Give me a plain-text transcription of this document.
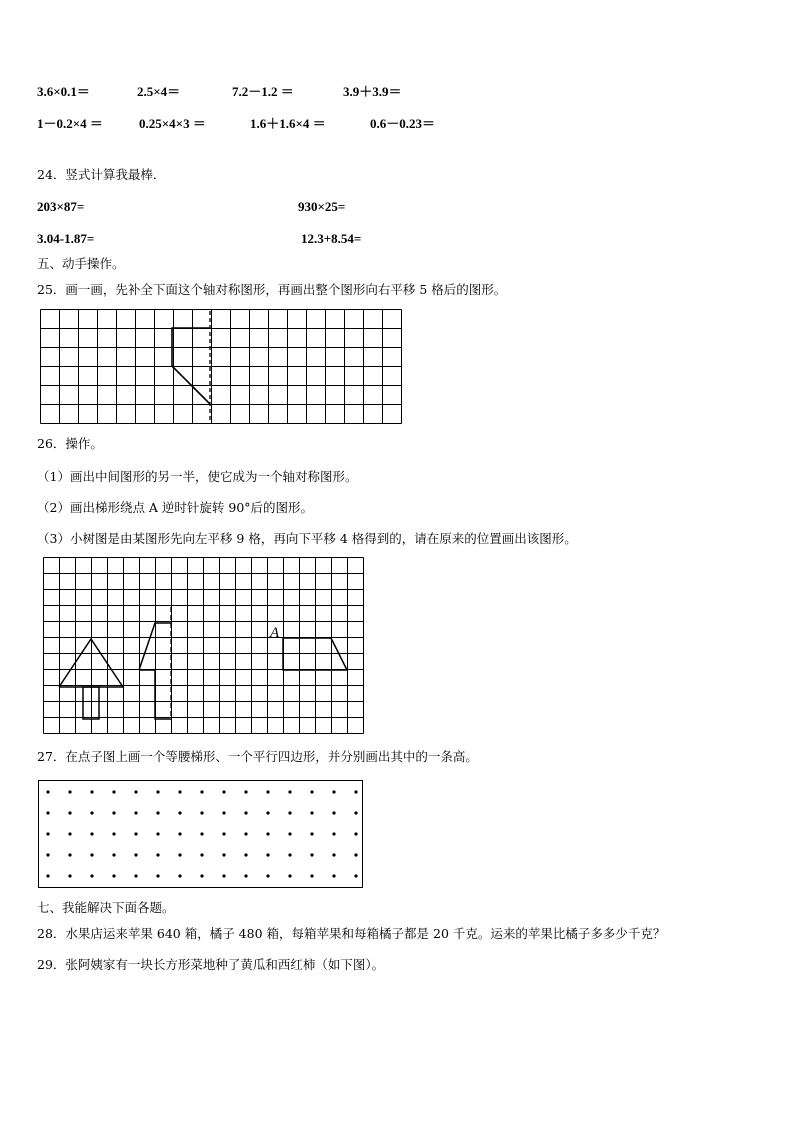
3.6×0.1＝	2.5×4＝	7.2－1.2 ＝	3.9＋3.9＝
1－0.2×4 ＝	0.25×4×3 ＝	1.6＋1.6×4 ＝	0.6－0.23＝
24．竖式计算我最棒．
203×87=	930×25=
3.04-1.87=	12.3+8.54=
五、动手操作。
25．画一画，先补全下面这个轴对称图形，再画出整个图形向右平移 5 格后的图形。
26．操作。
（1）画出中间图形的另一半，使它成为一个轴对称图形。
（2）画出梯形绕点 A 逆时针旋转 90°后的图形。
（3）小树图是由某图形先向左平移 9 格，再向下平移 4 格得到的，请在原来的位置画出该图形。
A
27．在点子图上画一个等腰梯形、一个平行四边形，并分别画出其中的一条高。
七、我能解决下面各题。
28．水果店运来苹果 640 箱，橘子 480 箱，每箱苹果和每箱橘子都是 20 千克。运来的苹果比橘子多多少千克？
29．张阿姨家有一块长方形菜地种了黄瓜和西红柿（如下图）。
